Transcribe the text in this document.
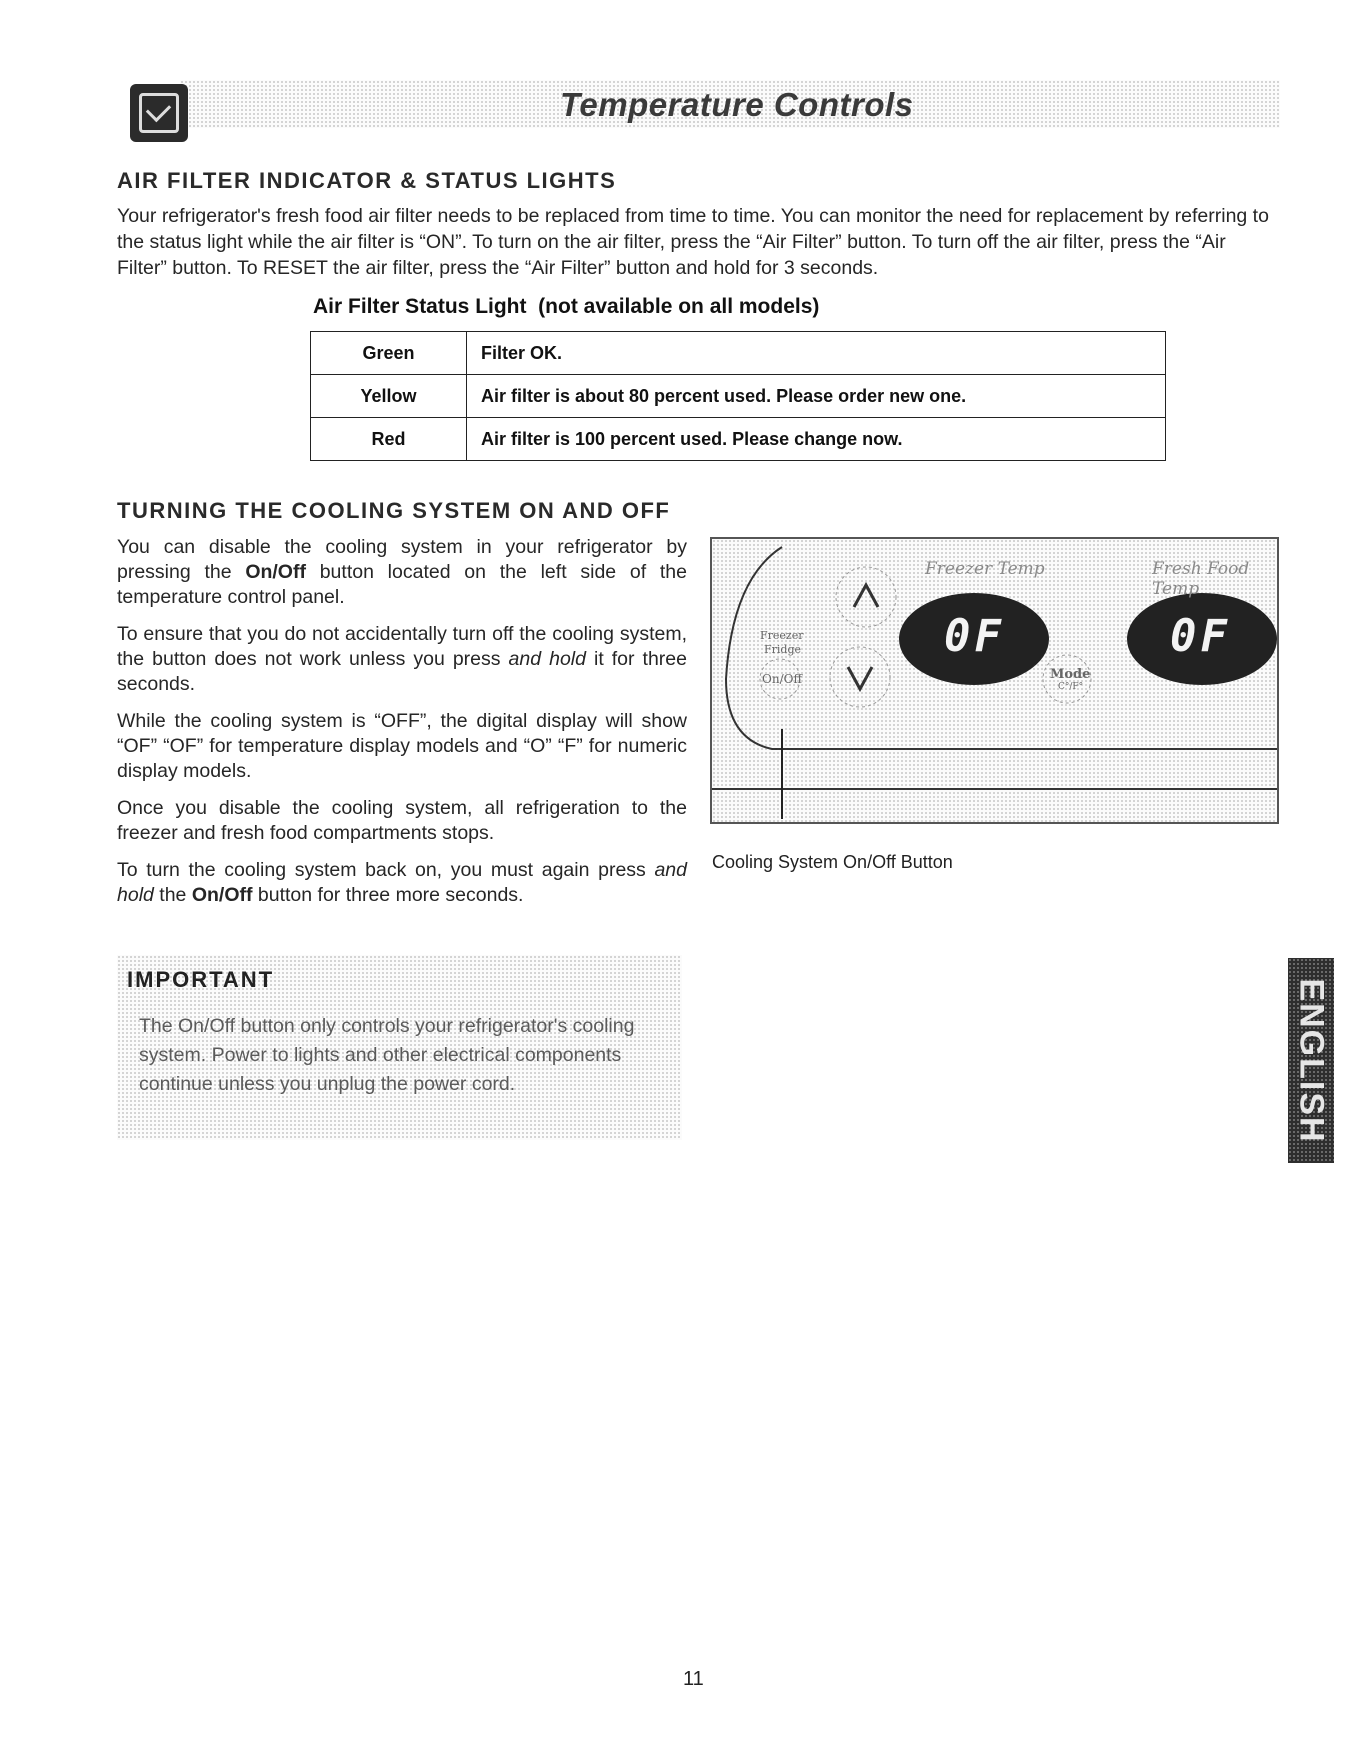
Temperature Controls
AIR FILTER INDICATOR & STATUS LIGHTS
Your refrigerator's fresh food air filter needs to be replaced from time to time. You can monitor the need for replacement by referring to the status light while the air filter is “ON”. To turn on the air filter, press the “Air Filter” button. To turn off the air filter, press the “Air Filter” button. To RESET the air filter, press the “Air Filter” button and hold for 3 seconds.
Air Filter Status Light  (not available on all models)
Green	Filter OK.
Yellow	Air filter is about 80 percent used. Please order new one.
Red	Air filter is 100 percent used. Please change now.
TURNING THE COOLING SYSTEM ON AND OFF

You can disable the cooling system in your refrigerator by pressing the On/Off button located on the left side of the temperature control panel.

To ensure that you do not accidentally turn off the cooling system, the button does not work unless you press and hold it for three seconds.

While the cooling system is “OFF”, the digital display will show “OF” “OF” for temperature display models and “O” “F” for numeric display models.

Once you disable the cooling system, all refrigeration to the freezer and fresh food compartments stops.

To turn the cooling system back on, you must again press and hold the On/Off button for three more seconds.

Freezer Temp	Fresh Food Temp
0F	0F
Freezer
Fridge
On/Off	Mode
C°/F°
Cooling System On/Off Button
IMPORTANT
The On/Off button only controls your refrigerator's cooling system. Power to lights and other electrical components continue unless you unplug the power cord.	ENGLISH
11
